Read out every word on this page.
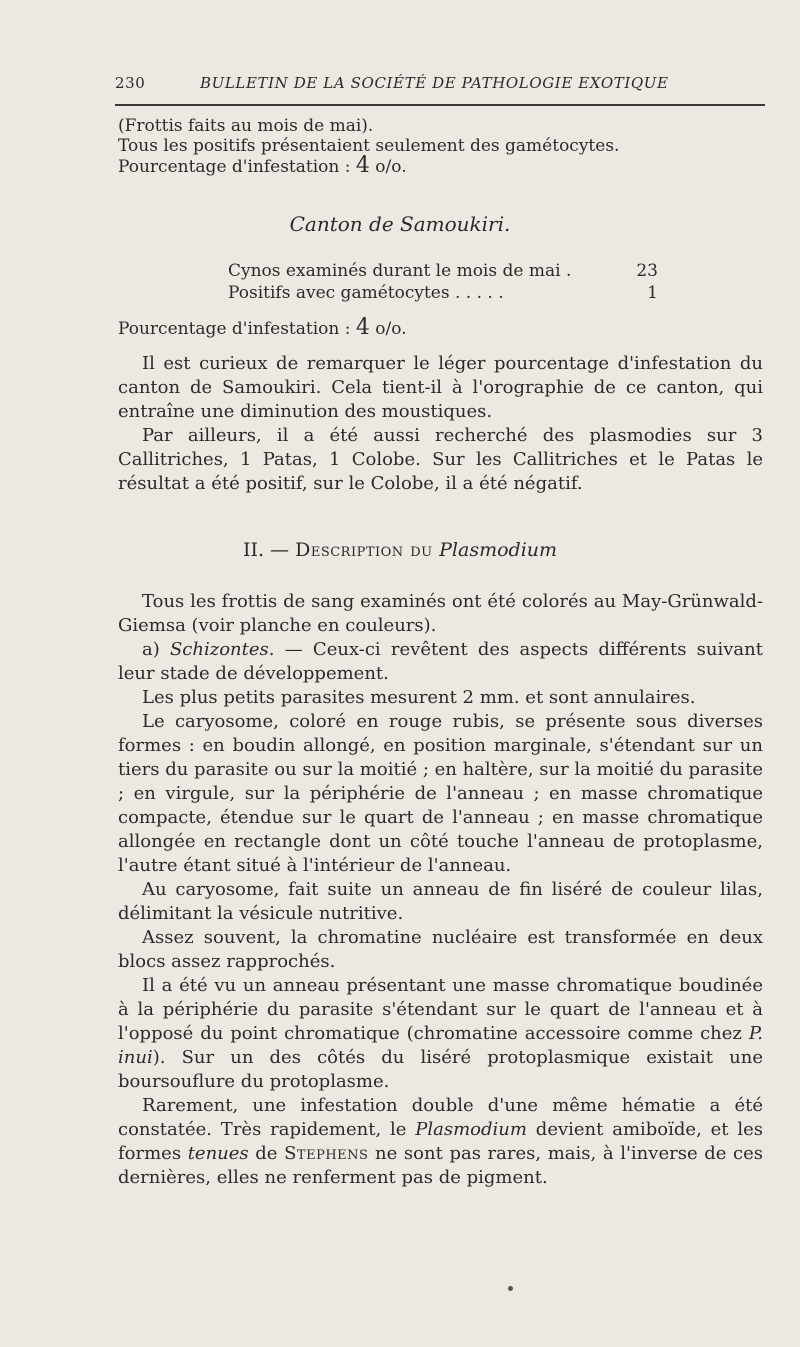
230	BULLETIN DE LA SOCIÉTÉ DE PATHOLOGIE EXOTIQUE
(Frottis faits au mois de mai).
Tous les positifs présentaient seulement des gamétocytes.
Pourcentage d'infestation : 4 o/o.
Canton de Samoukiri.
Cynos examinés durant le mois de mai .	23
Positifs avec gamétocytes . . . . .	1
Pourcentage d'infestation : 4 o/o.

Il est curieux de remarquer le léger pourcentage d'infestation du canton de Samoukiri. Cela tient-il à l'orographie de ce canton, qui entraîne une diminution des moustiques.

Par ailleurs, il a été aussi recherché des plasmodies sur 3 Callitriches, 1 Patas, 1 Colobe. Sur les Callitriches et le Patas le résultat a été positif, sur le Colobe, il a été négatif.

II. — Description du Plasmodium

Tous les frottis de sang examinés ont été colorés au May-Grünwald-Giemsa (voir planche en couleurs).

a) Schizontes. — Ceux-ci revêtent des aspects différents suivant leur stade de développement.

Les plus petits parasites mesurent 2 mm. et sont annulaires.

Le caryosome, coloré en rouge rubis, se présente sous diverses formes : en boudin allongé, en position marginale, s'étendant sur un tiers du parasite ou sur la moitié ; en haltère, sur la moitié du parasite ; en virgule, sur la périphérie de l'anneau ; en masse chromatique compacte, étendue sur le quart de l'anneau ; en masse chromatique allongée en rectangle dont un côté touche l'anneau de protoplasme, l'autre étant situé à l'intérieur de l'anneau.

Au caryosome, fait suite un anneau de fin liséré de couleur lilas, délimitant la vésicule nutritive.

Assez souvent, la chromatine nucléaire est transformée en deux blocs assez rapprochés.

Il a été vu un anneau présentant une masse chromatique boudinée à la périphérie du parasite s'étendant sur le quart de l'anneau et à l'opposé du point chromatique (chromatine accessoire comme chez P. inui). Sur un des côtés du liséré protoplasmique existait une boursouflure du protoplasme.

Rarement, une infestation double d'une même hématie a été constatée. Très rapidement, le Plasmodium devient amiboïde, et les formes tenues de Stephens ne sont pas rares, mais, à l'inverse de ces dernières, elles ne renferment pas de pigment.
